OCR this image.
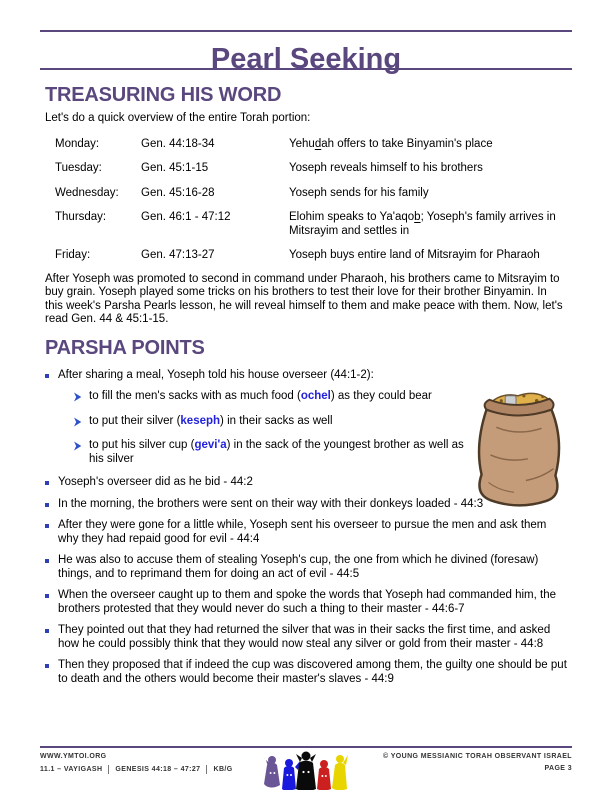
Pearl Seeking
TREASURING HIS WORD

Let's do a quick overview of the entire Torah portion:

Monday:	Gen. 44:18-34	Yehudah offers to take Binyamin's place
Tuesday:	Gen. 45:1-15	Yoseph reveals himself to his brothers
Wednesday:	Gen. 45:16-28	Yoseph sends for his family
Thursday:	Gen. 46:1 - 47:12	Elohim speaks to Ya'aqob; Yoseph's family arrives in Mitsrayim and settles in
Friday:	Gen. 47:13-27	Yoseph buys entire land of Mitsrayim for Pharaoh

After Yoseph was promoted to second in command under Pharaoh, his brothers came to Mitsrayim to buy grain. Yoseph played some tricks on his brothers to test their love for their brother Binyamin. In this week's Parsha Pearls lesson, he will reveal himself to them and make peace with them. Now, let's read Gen. 44 & 45:1-15.

PARSHA POINTS
After sharing a meal, Yoseph told his house overseer (44:1-2):
to fill the men's sacks with as much food (ochel) as they could bear
to put their silver (keseph) in their sacks as well
to put his silver cup (gevi'a) in the sack of the youngest brother as well as his silver
Yoseph's overseer did as he bid - 44:2
In the morning, the brothers were sent on their way with their donkeys loaded - 44:3
After they were gone for a little while, Yoseph sent his overseer to pursue the men and ask them why they had repaid good for evil - 44:4
He was also to accuse them of stealing Yoseph's cup, the one from which he divined (foresaw) things, and to reprimand them for doing an act of evil - 44:5
When the overseer caught up to them and spoke the words that Yoseph had commanded him, the brothers protested that they would never do such a thing to their master - 44:6-7
They pointed out that they had returned the silver that was in their sacks the first time, and asked how he could possibly think that they would now steal any silver or gold from their master - 44:8
Then they proposed that if indeed the cup was discovered among them, the guilty one should be put to death and the others would become their master's slaves - 44:9
WWW.YMTOI.ORG
11.1 – VAYIGASH GENESIS 44:18 – 47:27 KB/G
© YOUNG MESSIANIC TORAH OBSERVANT ISRAEL
PAGE 3
